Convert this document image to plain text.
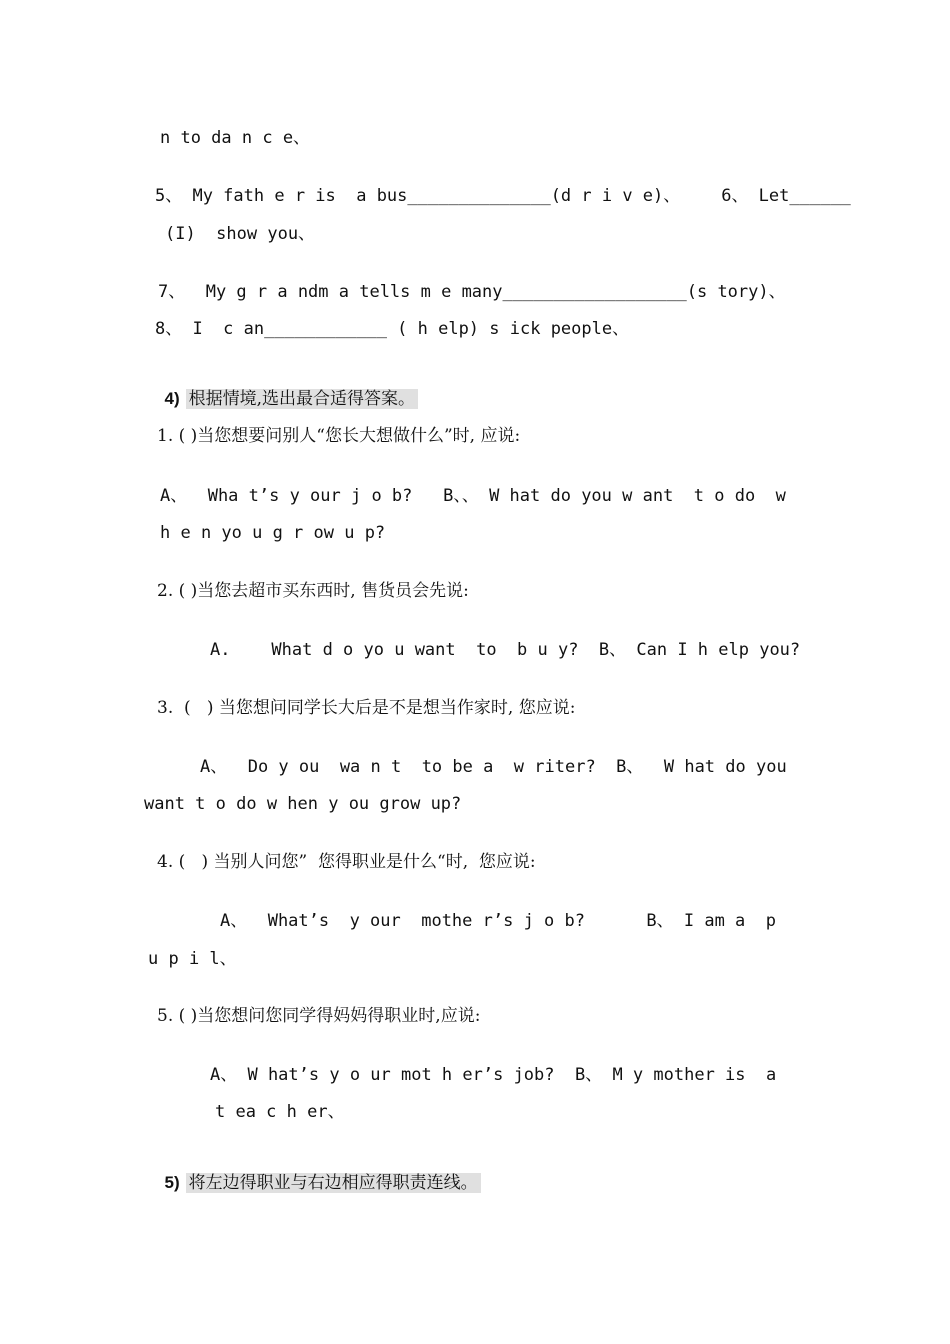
n to da n c e、
5、 My fath e r is  a bus______________(d r i v e)、    6、 Let______
(I)  show you、
7、  My g r a ndm a tells m e many__________________(s tory)、
8、 I  c an____________ ( h elp) s ick people、

4) 根据情境,选出最合适得答案。

1. ( )当您想要问别人“您长大想做什么”时, 应说:
A、  Wha t’s y our j o b?   B、、 W hat do you w ant  t o do  w
h e n yo u g r ow u p?
2. ( )当您去超市买东西时, 售货员会先说:
A.    What d o yo u want  to  b u y?  B、 Can I h elp you?
3.  (   ) 当您想问同学长大后是不是想当作家时, 您应说:
A、  Do y ou  wa n t  to be a  w riter?  B、  W hat do you
want t o do w hen y ou grow up?
4. (   ) 当别人问您”  您得职业是什么“时,  您应说:
A、  What’s  y our  mothe r’s j o b?      B、 I am a  p
u p i l、
5. ( )当您想问您同学得妈妈得职业时,应说:
A、 W hat’s y o ur mot h er’s job?  B、 M y mother is  a
t ea c h er、

5) 将左边得职业与右边相应得职责连线。
